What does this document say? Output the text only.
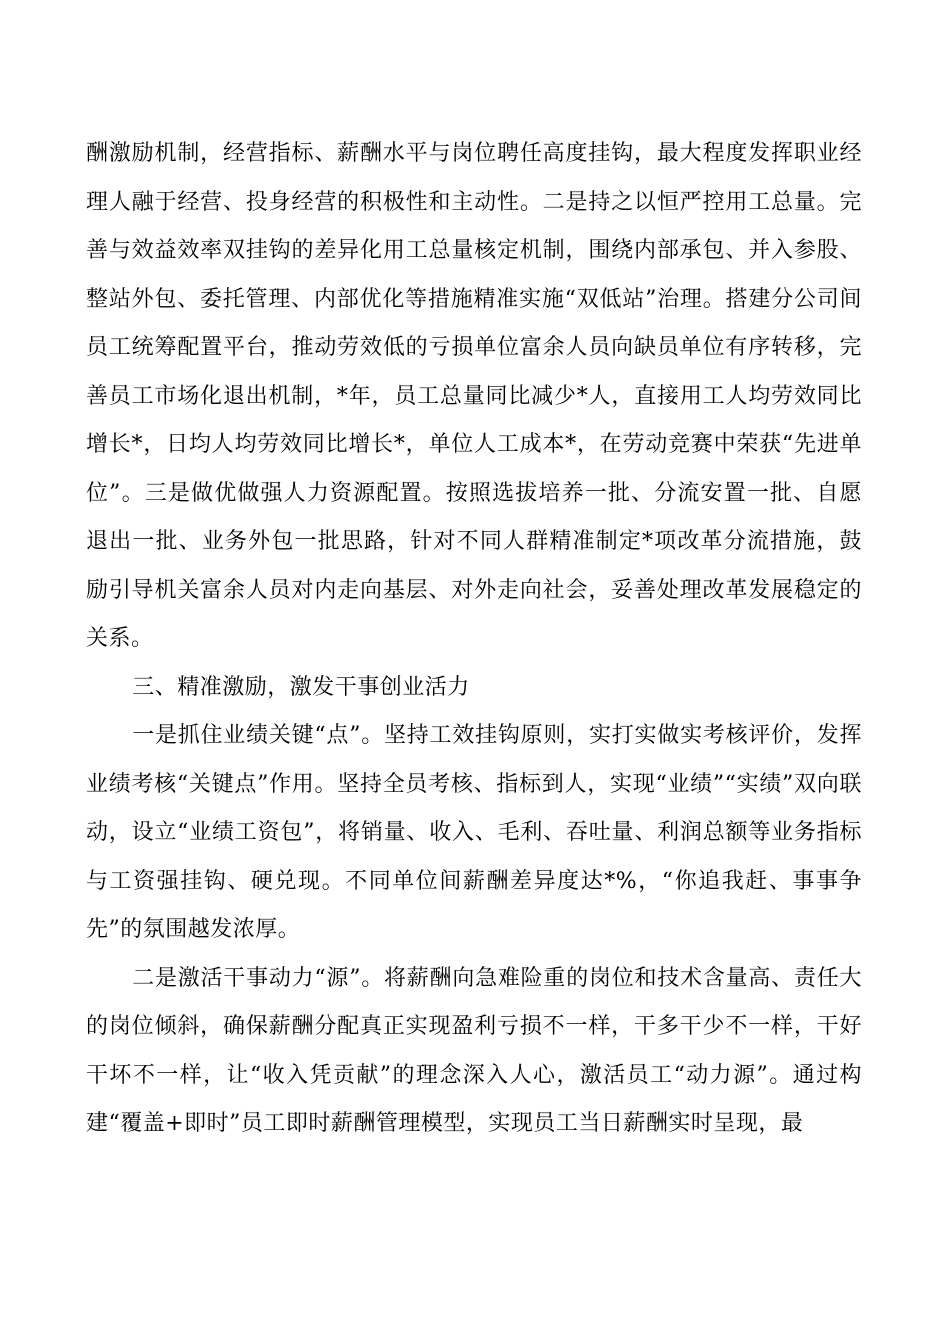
酬激励机制，经营指标、薪酬水平与岗位聘任高度挂钩，最大程度发挥职业经理人融于经营、投身经营的积极性和主动性。二是持之以恒严控用工总量。完善与效益效率双挂钩的差异化用工总量核定机制，围绕内部承包、并入参股、整站外包、委托管理、内部优化等措施精准实施“双低站”治理。搭建分公司间员工统筹配置平台，推动劳效低的亏损单位富余人员向缺员单位有序转移，完善员工市场化退出机制，*年，员工总量同比减少*人，直接用工人均劳效同比增长*，日均人均劳效同比增长*，单位人工成本*，在劳动竞赛中荣获“先进单位”。三是做优做强人力资源配置。按照选拔培养一批、分流安置一批、自愿退出一批、业务外包一批思路，针对不同人群精准制定*项改革分流措施，鼓励引导机关富余人员对内走向基层、对外走向社会，妥善处理改革发展稳定的关系。

三、精准激励，激发干事创业活力

一是抓住业绩关键“点”。坚持工效挂钩原则，实打实做实考核评价，发挥业绩考核“关键点”作用。坚持全员考核、指标到人，实现“业绩”“实绩”双向联动，设立“业绩工资包”，将销量、收入、毛利、吞吐量、利润总额等业务指标与工资强挂钩、硬兑现。不同单位间薪酬差异度达*%，“你追我赶、事事争先”的氛围越发浓厚。

二是激活干事动力“源”。将薪酬向急难险重的岗位和技术含量高、责任大的岗位倾斜，确保薪酬分配真正实现盈利亏损不一样，干多干少不一样，干好干坏不一样，让“收入凭贡献”的理念深入人心，激活员工“动力源”。通过构建“覆盖+即时”员工即时薪酬管理模型，实现员工当日薪酬实时呈现，最
